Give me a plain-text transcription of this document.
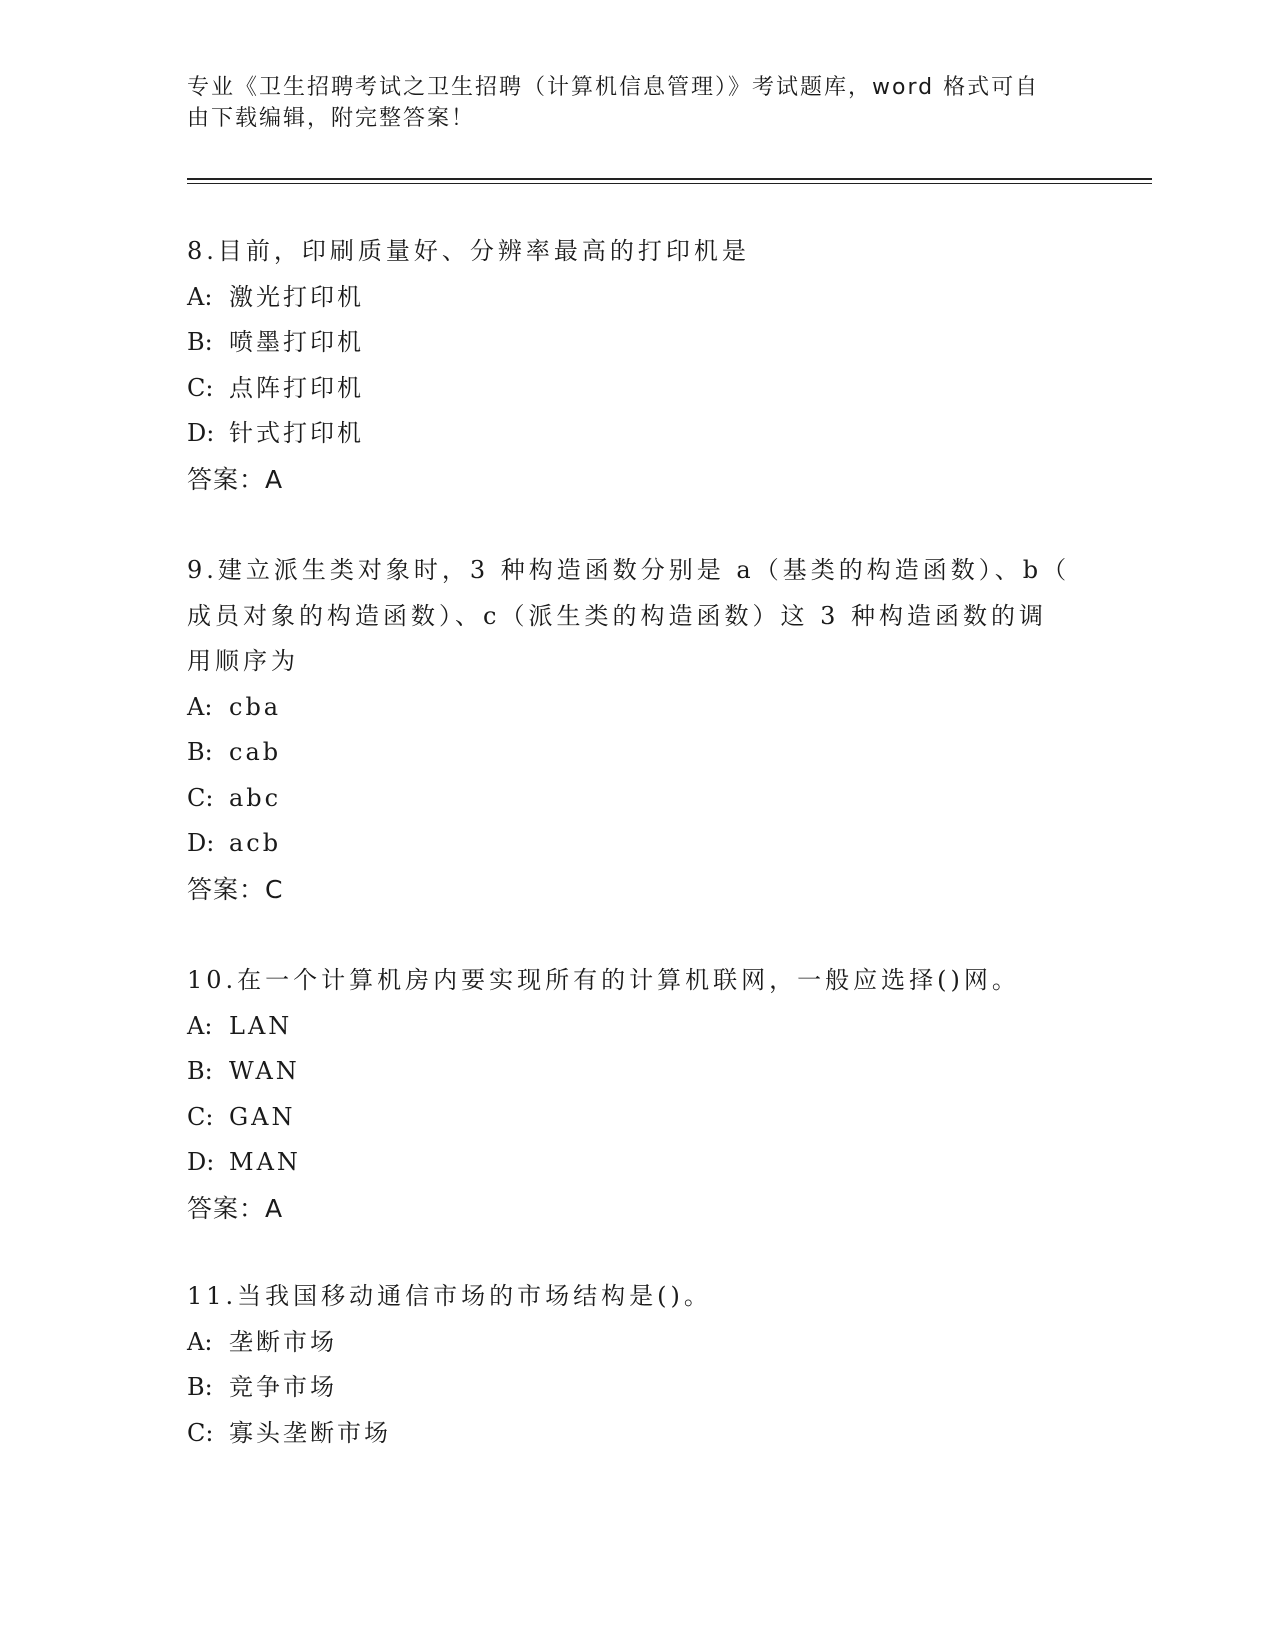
专业《卫生招聘考试之卫生招聘（计算机信息管理）》考试题库，word 格式可自
由下载编辑，附完整答案！

8.目前，印刷质量好、分辨率最高的打印机是

A: 激光打印机

B: 喷墨打印机

C: 点阵打印机

D: 针式打印机

答案：A

9.建立派生类对象时，3 种构造函数分别是 a（基类的构造函数）、b（

成员对象的构造函数）、c（派生类的构造函数）这 3 种构造函数的调

用顺序为

A: cba

B: cab

C: abc

D: acb

答案：C

10.在一个计算机房内要实现所有的计算机联网，一般应选择()网。

A: LAN

B: WAN

C: GAN

D: MAN

答案：A

11.当我国移动通信市场的市场结构是()。

A: 垄断市场

B: 竞争市场

C: 寡头垄断市场
